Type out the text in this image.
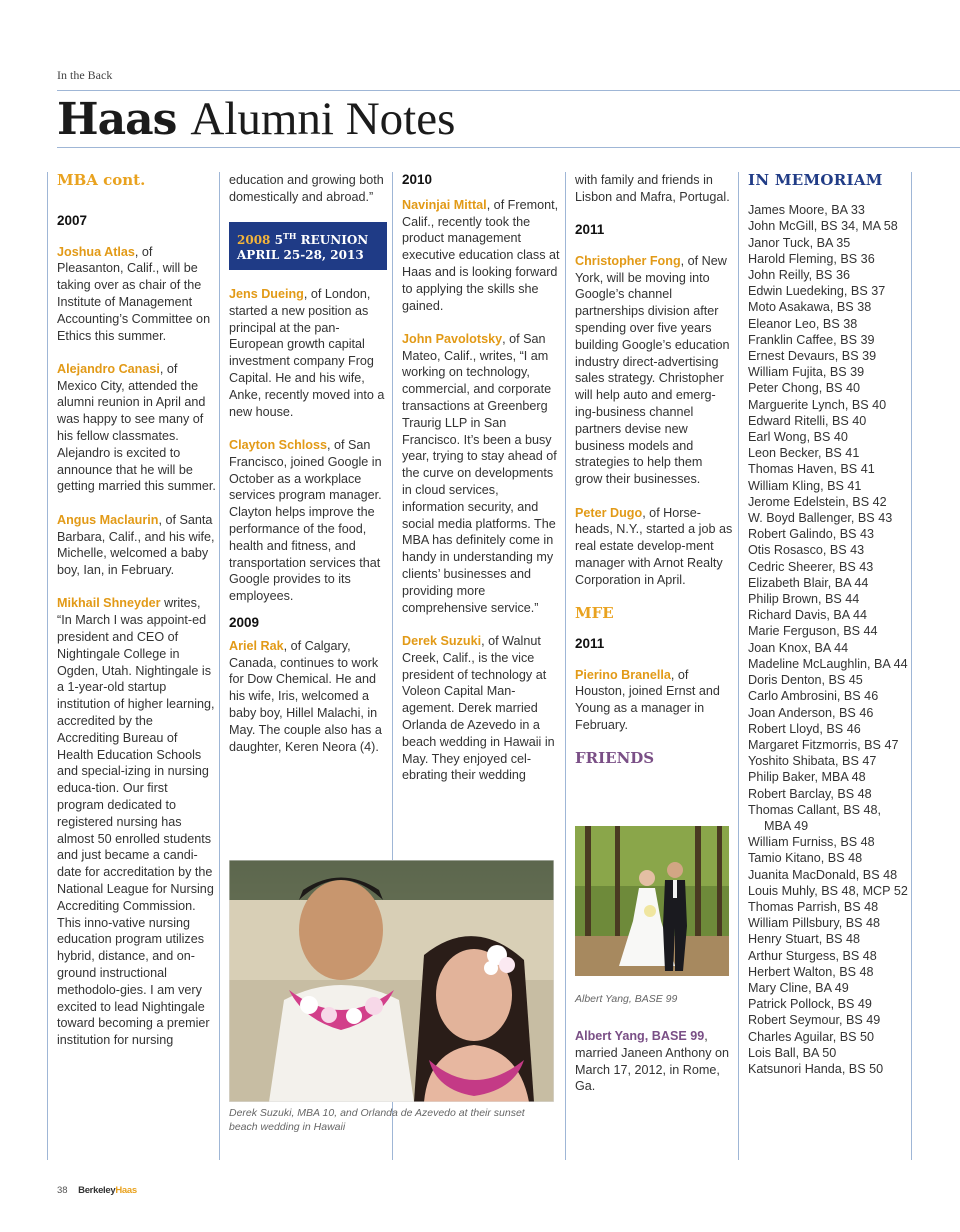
In the Back
Haas Alumni Notes
MBA cont.
2007

Joshua Atlas, of Pleasanton, Calif., will be taking over as chair of the Institute of Management Accounting’s Committee on Ethics this summer.

Alejandro Canasi, of Mexico City, attended the alumni reunion in April and was happy to see many of his fellow classmates. Alejandro is excited to announce that he will be getting married this summer.

Angus Maclaurin, of Santa Barbara, Calif., and his wife, Michelle, welcomed a baby boy, Ian, in February.

Mikhail Shneyder writes, “In March I was appoint-ed president and CEO of Nightingale College in Ogden, Utah. Nightingale is a 1-year-old startup institution of higher learning, accredited by the Accrediting Bureau of Health Education Schools and special-izing in nursing educa-tion. Our first program dedicated to registered nursing has almost 50 enrolled students and just became a candi-date for accreditation by the National League for Nursing Accrediting Commission. This inno-vative nursing education program utilizes hybrid, distance, and on-ground instructional methodolo-gies. I am very excited to lead Nightingale toward becoming a premier institution for nursing

education and growing both domestically and abroad.”

2008 5TH REUNION
APRIL 25-28, 2013

Jens Dueing, of London, started a new position as principal at the pan-European growth capital investment company Frog Capital. He and his wife, Anke, recently moved into a new house.

Clayton Schloss, of San Francisco, joined Google in October as a workplace services program manager. Clayton helps improve the performance of the food, health and fitness, and transportation services that Google provides to its employees.

2009

Ariel Rak, of Calgary, Canada, continues to work for Dow Chemical. He and his wife, Iris, welcomed a baby boy, Hillel Malachi, in May. The couple also has a daughter, Keren Neora (4).

2010

Navinjai Mittal, of Fremont, Calif., recently took the product management executive education class at Haas and is looking forward to applying the skills she gained.

John Pavolotsky, of San Mateo, Calif., writes, “I am working on technology, commercial, and corporate transactions at Greenberg Traurig LLP in San Francisco. It’s been a busy year, trying to stay ahead of the curve on developments in cloud services, information security, and social media platforms. The MBA has definitely come in handy in understanding my clients’ businesses and providing more comprehensive service.”

Derek Suzuki, of Walnut Creek, Calif., is the vice president of technology at Voleon Capital Man-agement. Derek married Orlanda de Azevedo in a beach wedding in Hawaii in May. They enjoyed cel-ebrating their wedding

Derek Suzuki, MBA 10, and Orlanda de Azevedo at their sunset beach wedding in Hawaii

with family and friends in Lisbon and Mafra, Portugal.

2011

Christopher Fong, of New York, will be moving into Google’s channel partnerships division after spending over five years building Google’s education industry direct-advertising sales strategy. Christopher will help auto and emerg-ing-business channel partners devise new business models and strategies to help them grow their businesses.

Peter Dugo, of Horse-heads, N.Y., started a job as real estate develop-ment manager with Arnot Realty Corporation in April.

MFE
2011

Pierino Branella, of Houston, joined Ernst and Young as a manager in February.

FRIENDS
Albert Yang, BASE 99

Albert Yang, BASE 99, married Janeen Anthony on March 17, 2012, in Rome, Ga.

IN MEMORIAM
James Moore, BA 33
John McGill, BS 34, MA 58
Janor Tuck, BA 35
Harold Fleming, BS 36
John Reilly, BS 36
Edwin Luedeking, BS 37
Moto Asakawa, BS 38
Eleanor Leo, BS 38
Franklin Caffee, BS 39
Ernest Devaurs, BS 39
William Fujita, BS 39
Peter Chong, BS 40
Marguerite Lynch, BS 40
Edward Ritelli, BS 40
Earl Wong, BS 40
Leon Becker, BS 41
Thomas Haven, BS 41
William Kling, BS 41
Jerome Edelstein, BS 42
W. Boyd Ballenger, BS 43
Robert Galindo, BS 43
Otis Rosasco, BS 43
Cedric Sheerer, BS 43
Elizabeth Blair, BA 44
Philip Brown, BS 44
Richard Davis, BA 44
Marie Ferguson, BS 44
Joan Knox, BA 44
Madeline McLaughlin, BA 44
Doris Denton, BS 45
Carlo Ambrosini, BS 46
Joan Anderson, BS 46
Robert Lloyd, BS 46
Margaret Fitzmorris, BS 47
Yoshito Shibata, BS 47
Philip Baker, MBA 48
Robert Barclay, BS 48
Thomas Callant, BS 48, MBA 49
William Furniss, BS 48
Tamio Kitano, BS 48
Juanita MacDonald, BS 48
Louis Muhly, BS 48, MCP 52
Thomas Parrish, BS 48
William Pillsbury, BS 48
Henry Stuart, BS 48
Arthur Sturgess, BS 48
Herbert Walton, BS 48
Mary Cline, BA 49
Patrick Pollock, BS 49
Robert Seymour, BS 49
Charles Aguilar, BS 50
Lois Ball, BA 50
Katsunori Handa, BS 50
38 BerkeleyHaas
